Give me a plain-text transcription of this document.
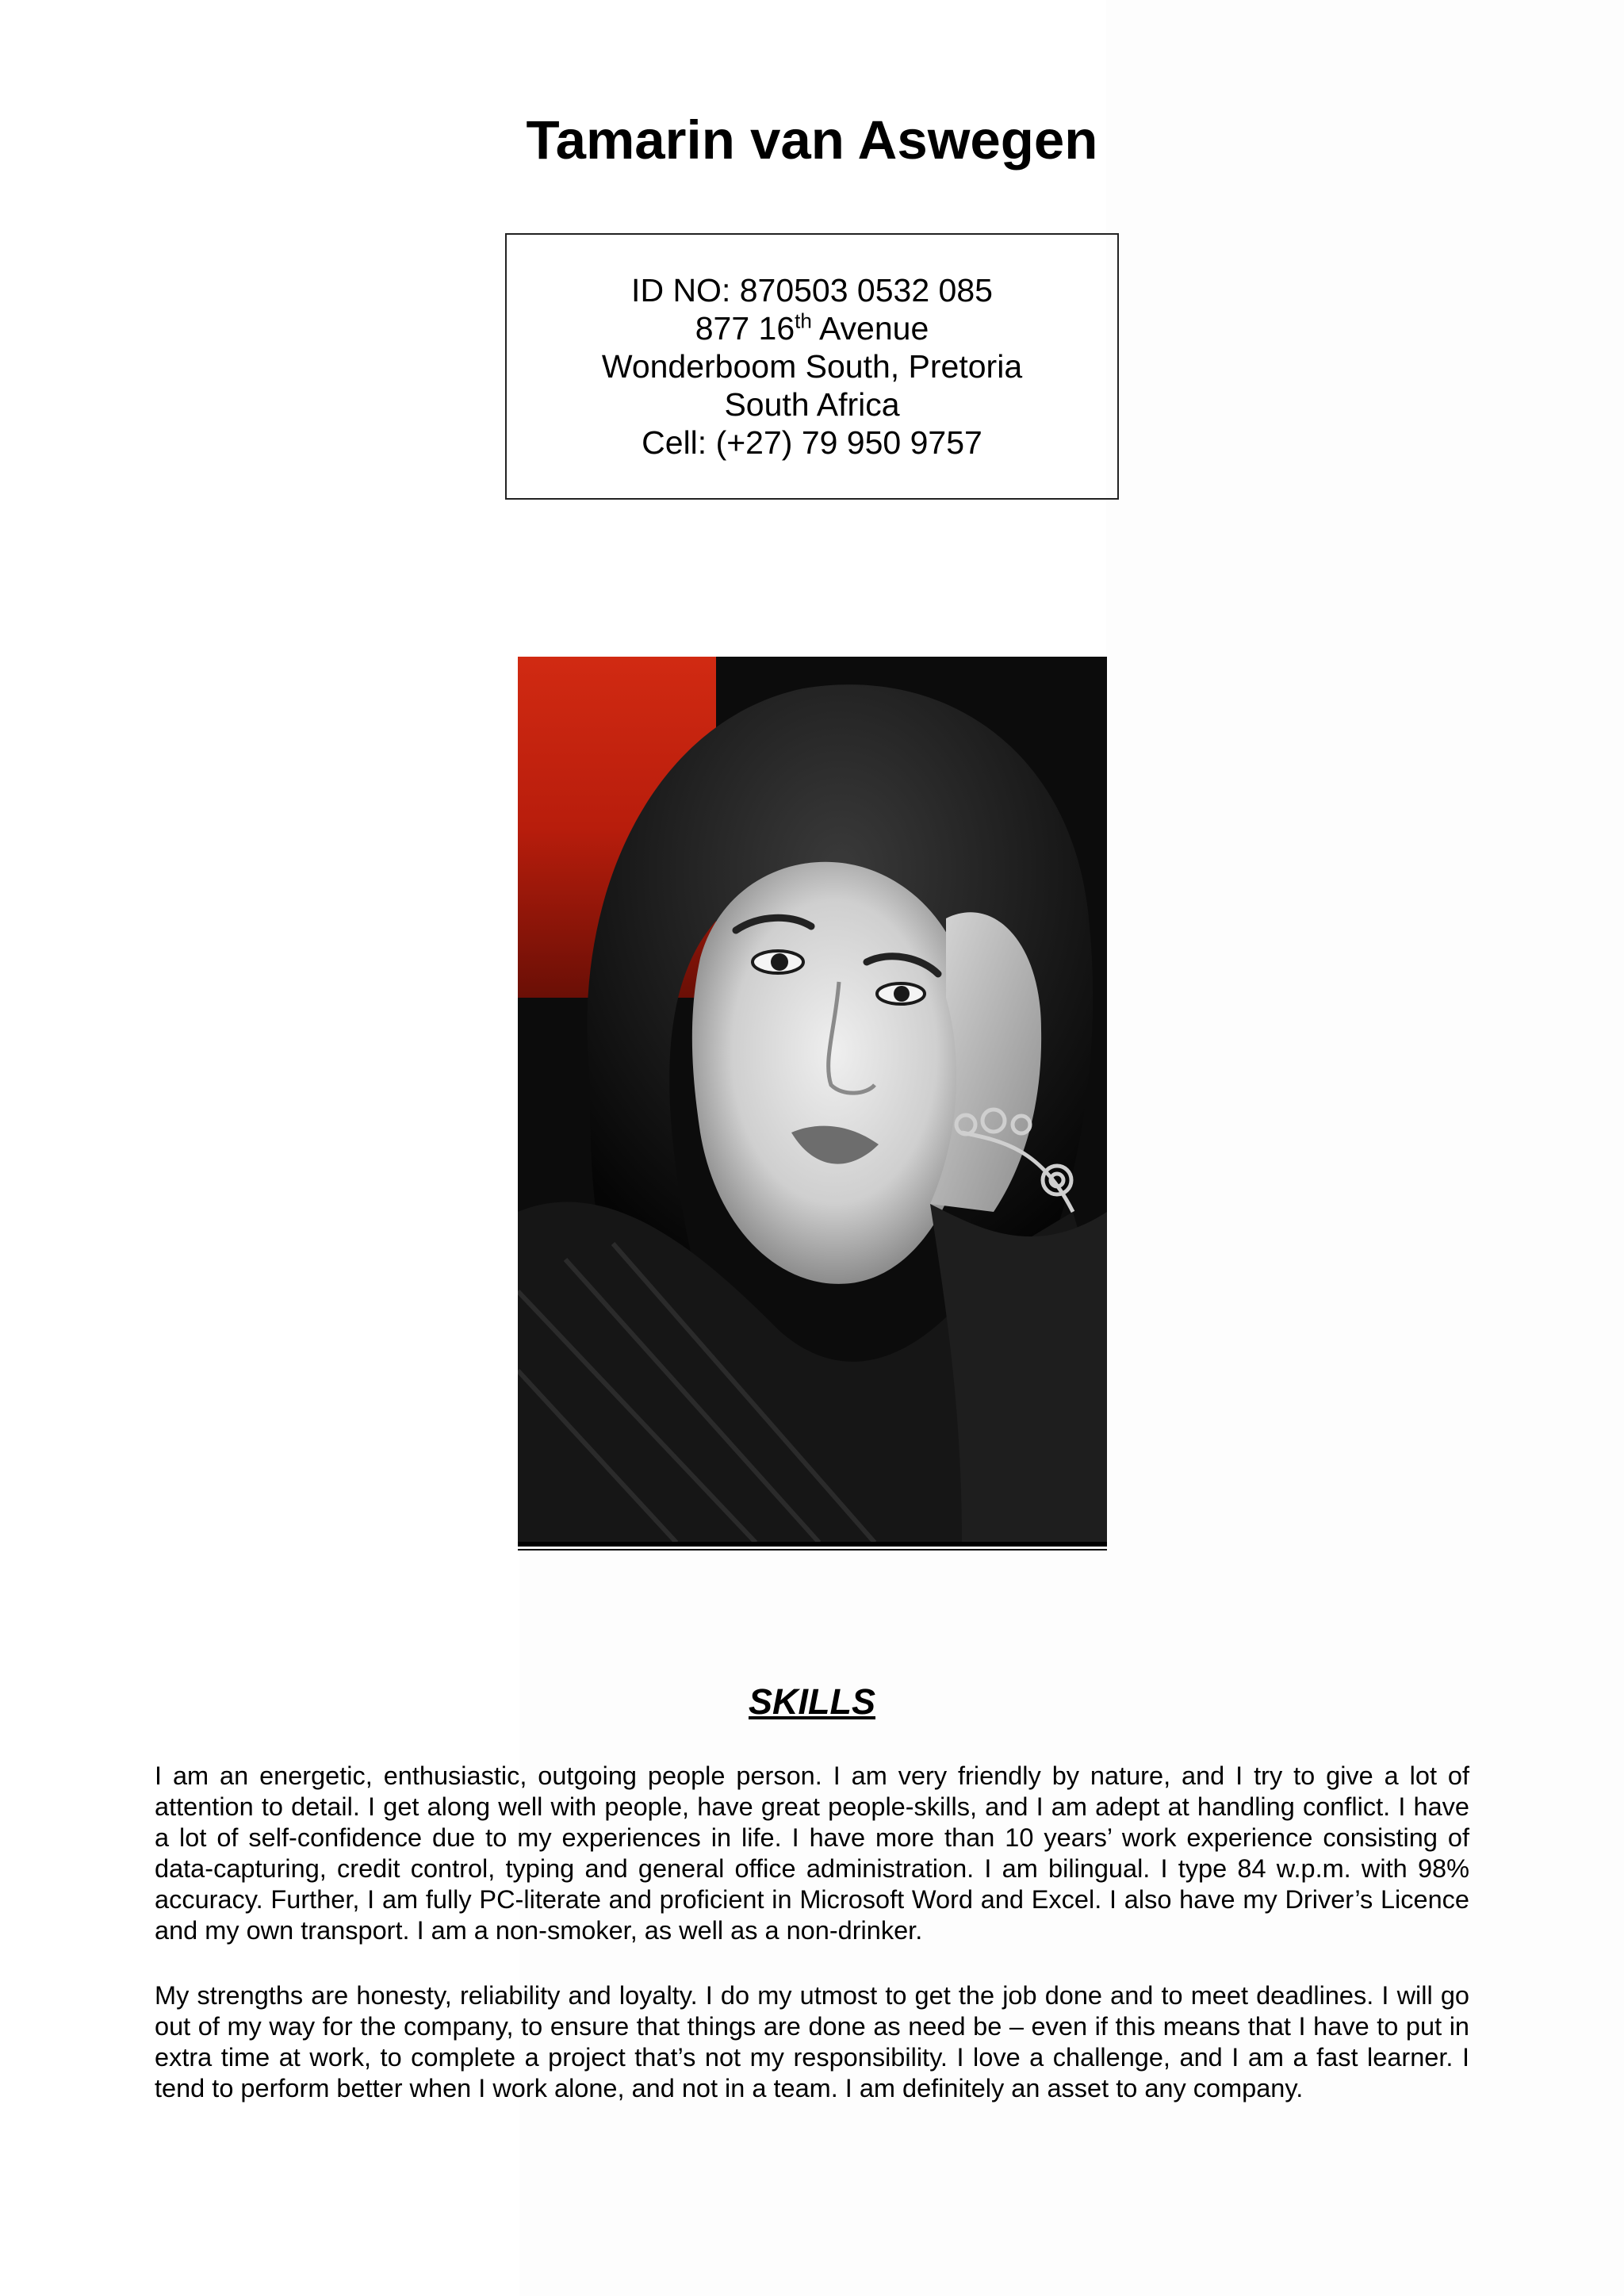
Tamarin van Aswegen
ID NO: 870503 0532 085
877 16th Avenue
Wonderboom South, Pretoria
South Africa
Cell: (+27) 79 950 9757
SKILLS
I am an energetic, enthusiastic, outgoing people person. I am very friendly by nature, and I try to give a lot of attention to detail. I get along well with people, have great people-skills, and I am adept at handling conflict. I have a lot of self-confidence due to my experiences in life. I have more than 10 years’ work experience consisting of data-capturing, credit control, typing and general office administration. I am bilingual. I type 84 w.p.m. with 98% accuracy. Further, I am fully PC-literate and proficient in Microsoft Word and Excel. I also have my Driver’s Licence and my own transport. I am a non-smoker, as well as a non-drinker.
My strengths are honesty, reliability and loyalty. I do my utmost to get the job done and to meet deadlines. I will go out of my way for the company, to ensure that things are done as need be – even if this means that I have to put in extra time at work, to complete a project that’s not my responsibility. I love a challenge, and I am a fast learner. I tend to perform better when I work alone, and not in a team. I am definitely an asset to any company.
